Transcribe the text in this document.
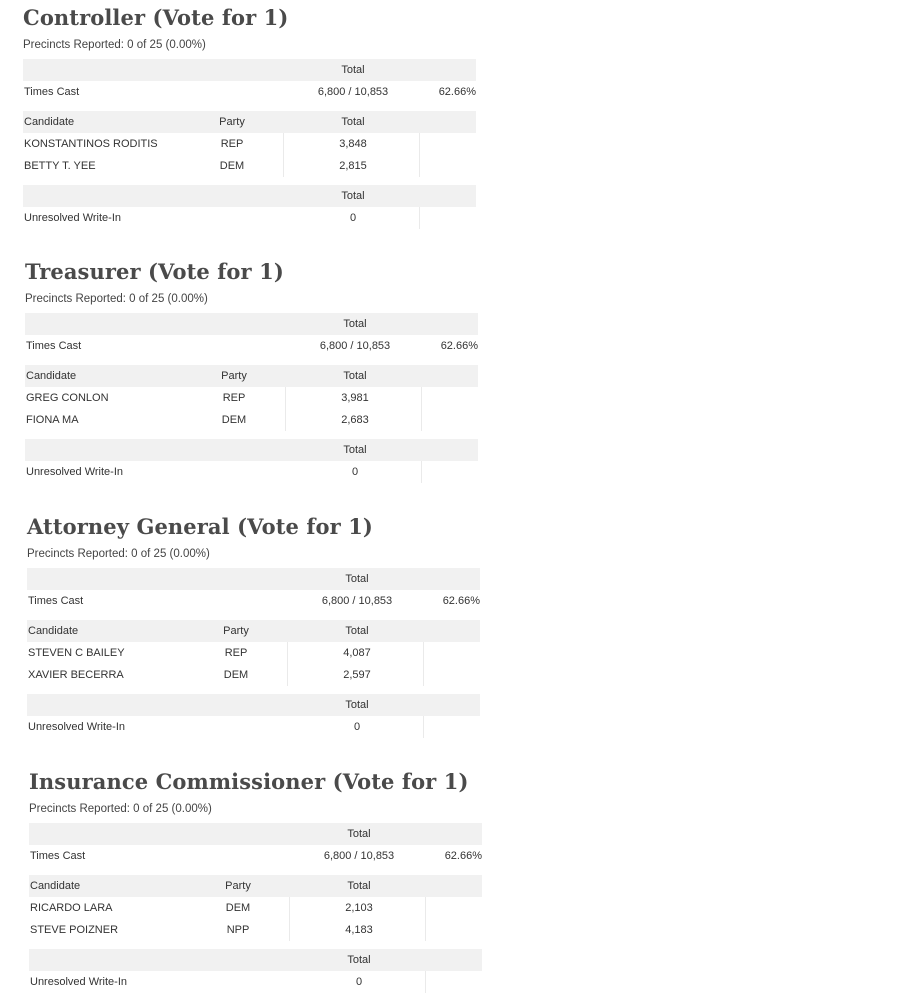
Controller (Vote for 1)
Precincts Reported: 0 of 25 (0.00%)
Total
Times Cast	6,800 / 10,853	62.66%
Candidate	Party	Total
KONSTANTINOS RODITIS	REP	3,848
BETTY T. YEE	DEM	2,815
Total
Unresolved Write-In	0
Treasurer (Vote for 1)
Precincts Reported: 0 of 25 (0.00%)
Total
Times Cast	6,800 / 10,853	62.66%
Candidate	Party	Total
GREG CONLON	REP	3,981
FIONA MA	DEM	2,683
Total
Unresolved Write-In	0
Attorney General (Vote for 1)
Precincts Reported: 0 of 25 (0.00%)
Total
Times Cast	6,800 / 10,853	62.66%
Candidate	Party	Total
STEVEN C BAILEY	REP	4,087
XAVIER BECERRA	DEM	2,597
Total
Unresolved Write-In	0
Insurance Commissioner (Vote for 1)
Precincts Reported: 0 of 25 (0.00%)
Total
Times Cast	6,800 / 10,853	62.66%
Candidate	Party	Total
RICARDO LARA	DEM	2,103
STEVE POIZNER	NPP	4,183
Total
Unresolved Write-In	0
